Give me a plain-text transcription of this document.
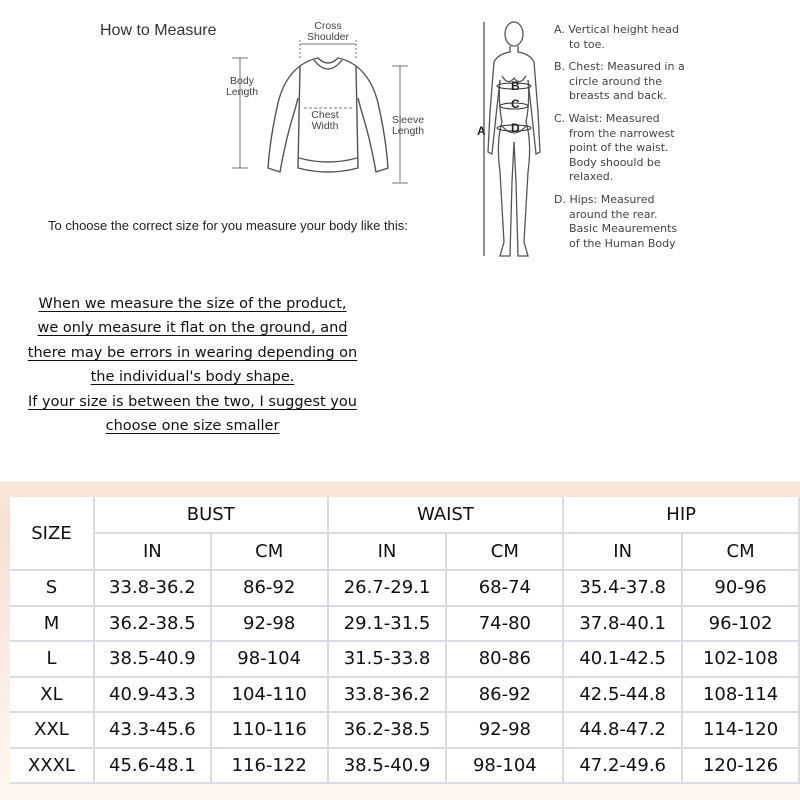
How to Measure	Cross
Shoulder
Body
Length
Chest
Width	Sleeve
Length
To choose the correct size for you measure your body like this:
A
B
C
D
A. Vertical height head
to toe.
B. Chest: Measured in a
circle around the
breasts and back.
C. Waist: Measured
from the narrowest
point of the waist.
Body shoould be
relaxed.
D. Hips: Measured
around the rear.
Basic Meaurements
of the Human Body
When we measure the size of the product,
we only measure it flat on the ground, and
there may be errors in wearing depending on
the individual's body shape.
If your size is between the two, I suggest you
choose one size smaller
SIZE	BUST		WAIST		HIP	
	IN	CM	IN	CM	IN	CM
S	33.8-36.2	86-92	26.7-29.1	68-74	35.4-37.8	90-96
M	36.2-38.5	92-98	29.1-31.5	74-80	37.8-40.1	96-102
L	38.5-40.9	98-104	31.5-33.8	80-86	40.1-42.5	102-108
XL	40.9-43.3	104-110	33.8-36.2	86-92	42.5-44.8	108-114
XXL	43.3-45.6	110-116	36.2-38.5	92-98	44.8-47.2	114-120
XXXL	45.6-48.1	116-122	38.5-40.9	98-104	47.2-49.6	120-126
